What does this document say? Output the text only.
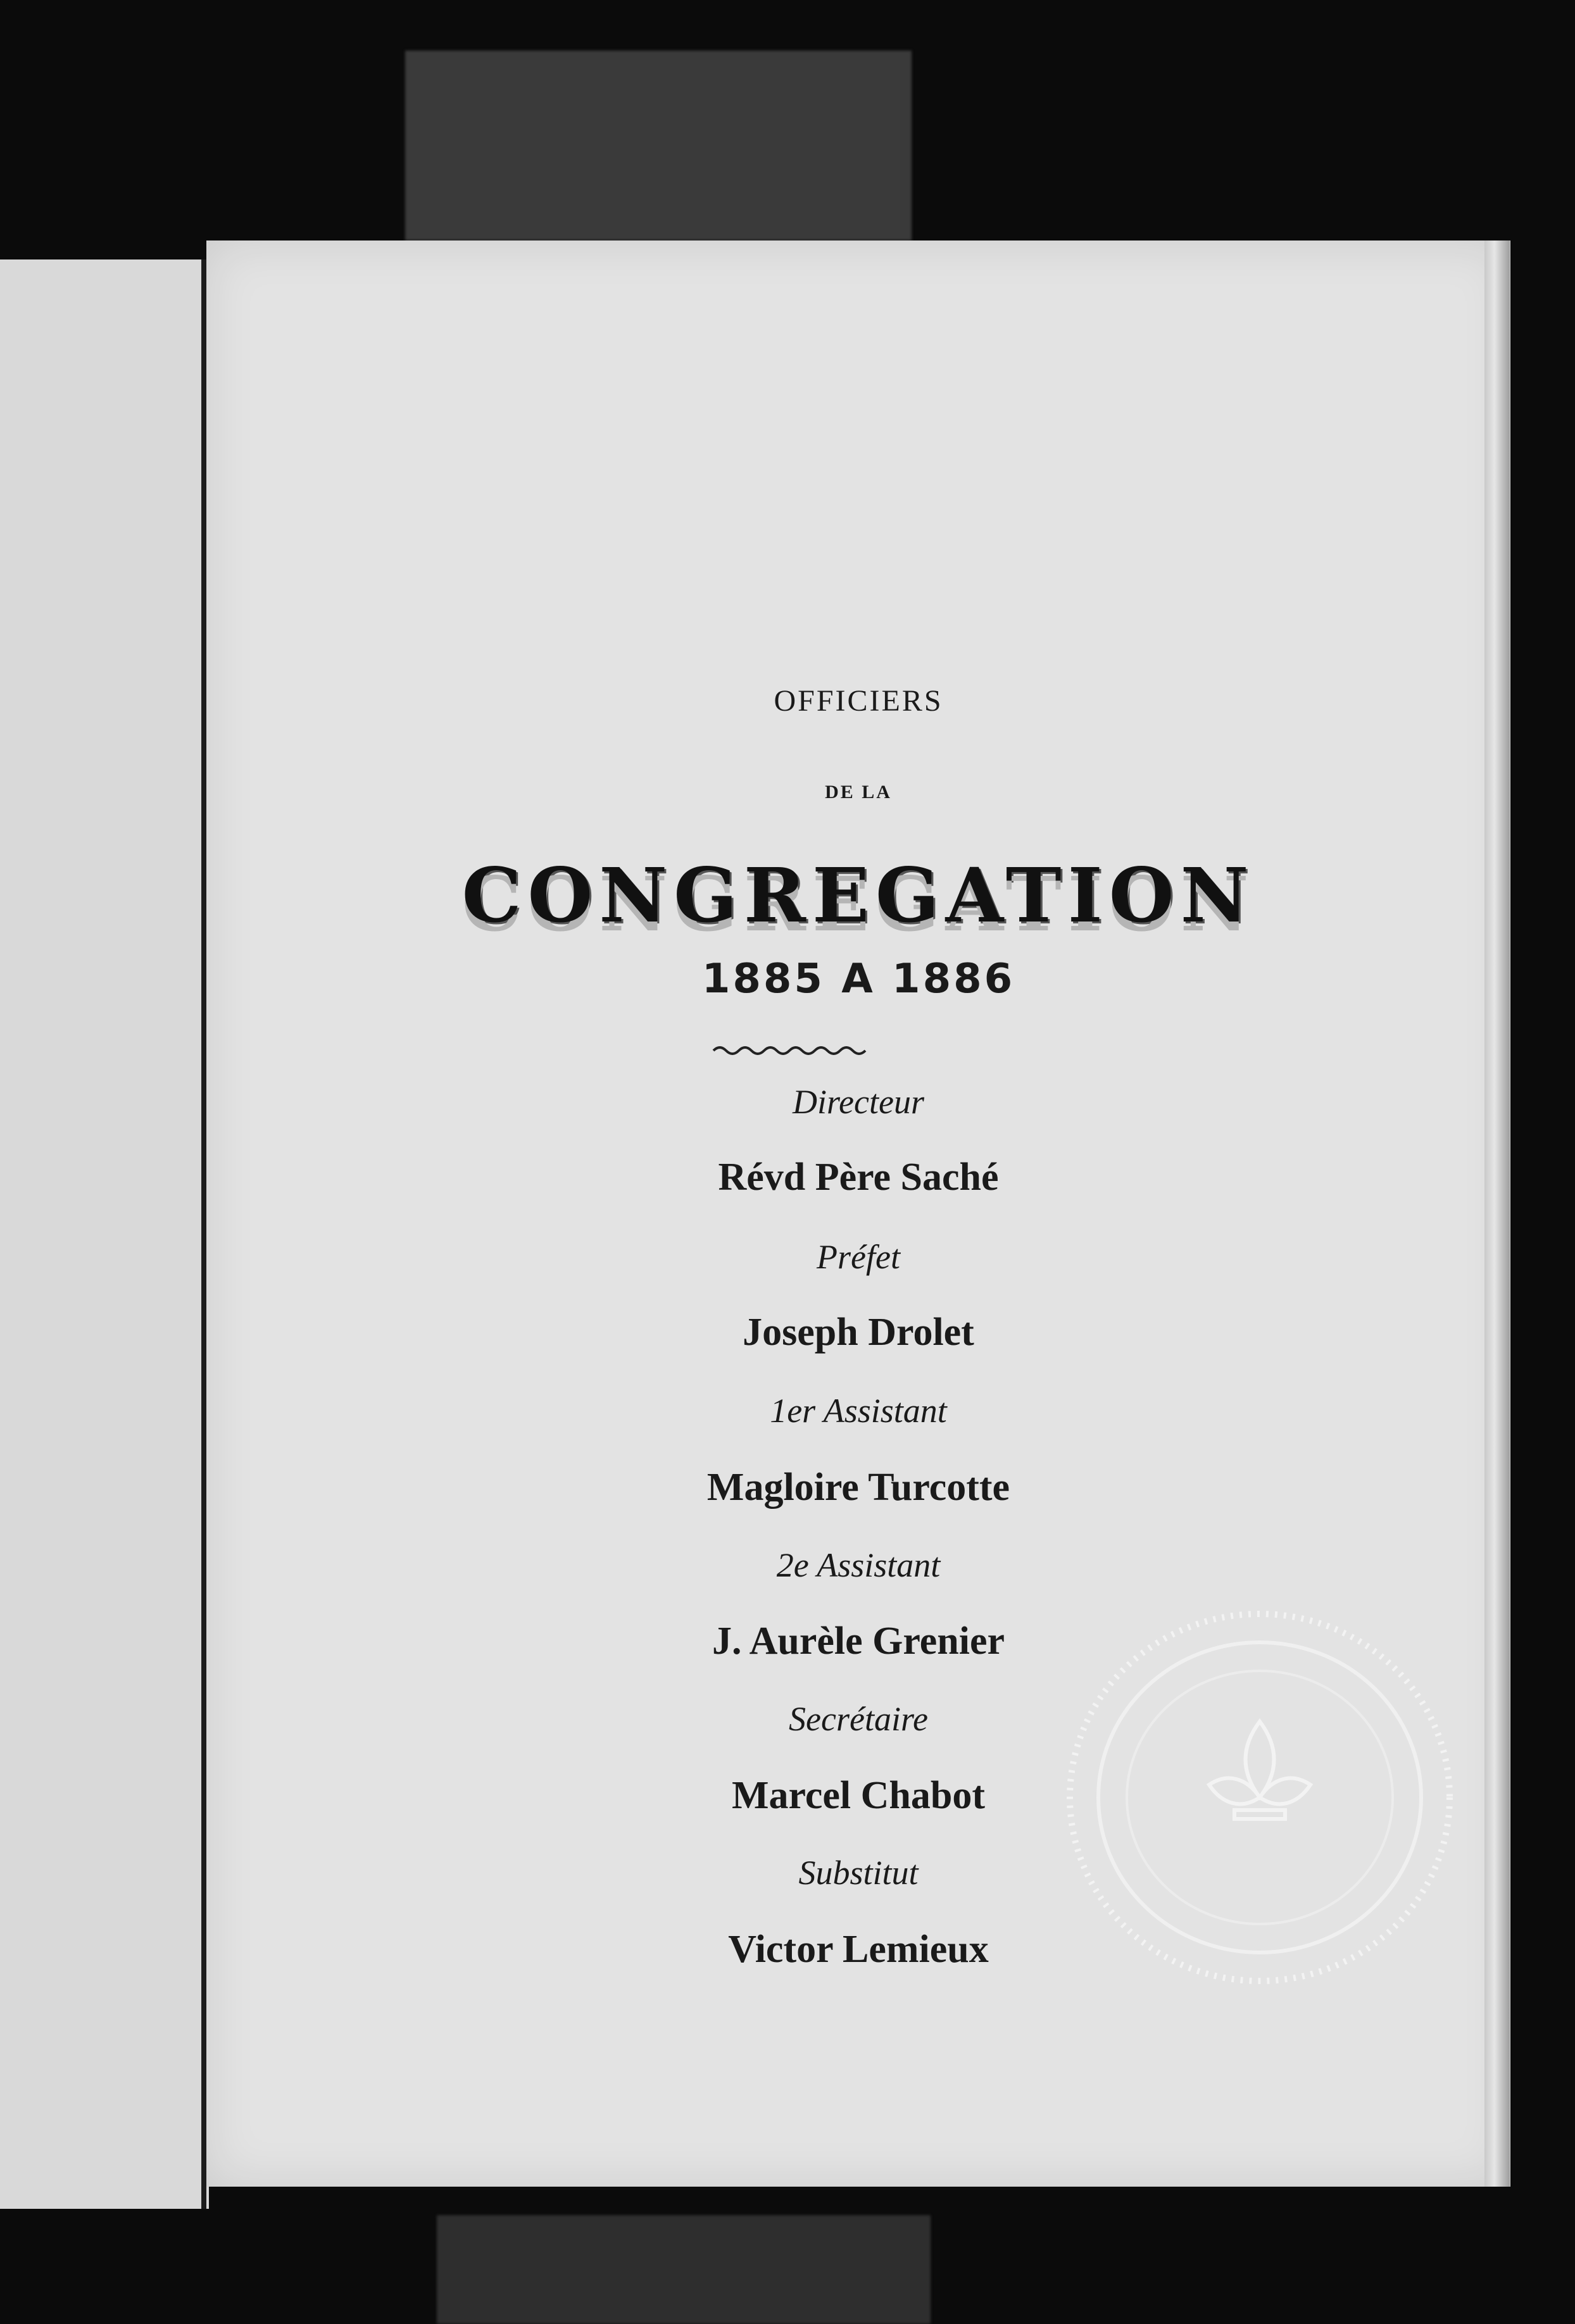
OFFICIERS
DE LA
CONGREGATION
1885 A 1886
Directeur
Révd Père Saché
Préfet
Joseph Drolet
1er Assistant
Magloire Turcotte
2e Assistant
J. Aurèle Grenier
Secrétaire
Marcel Chabot
Substitut
Victor Lemieux
